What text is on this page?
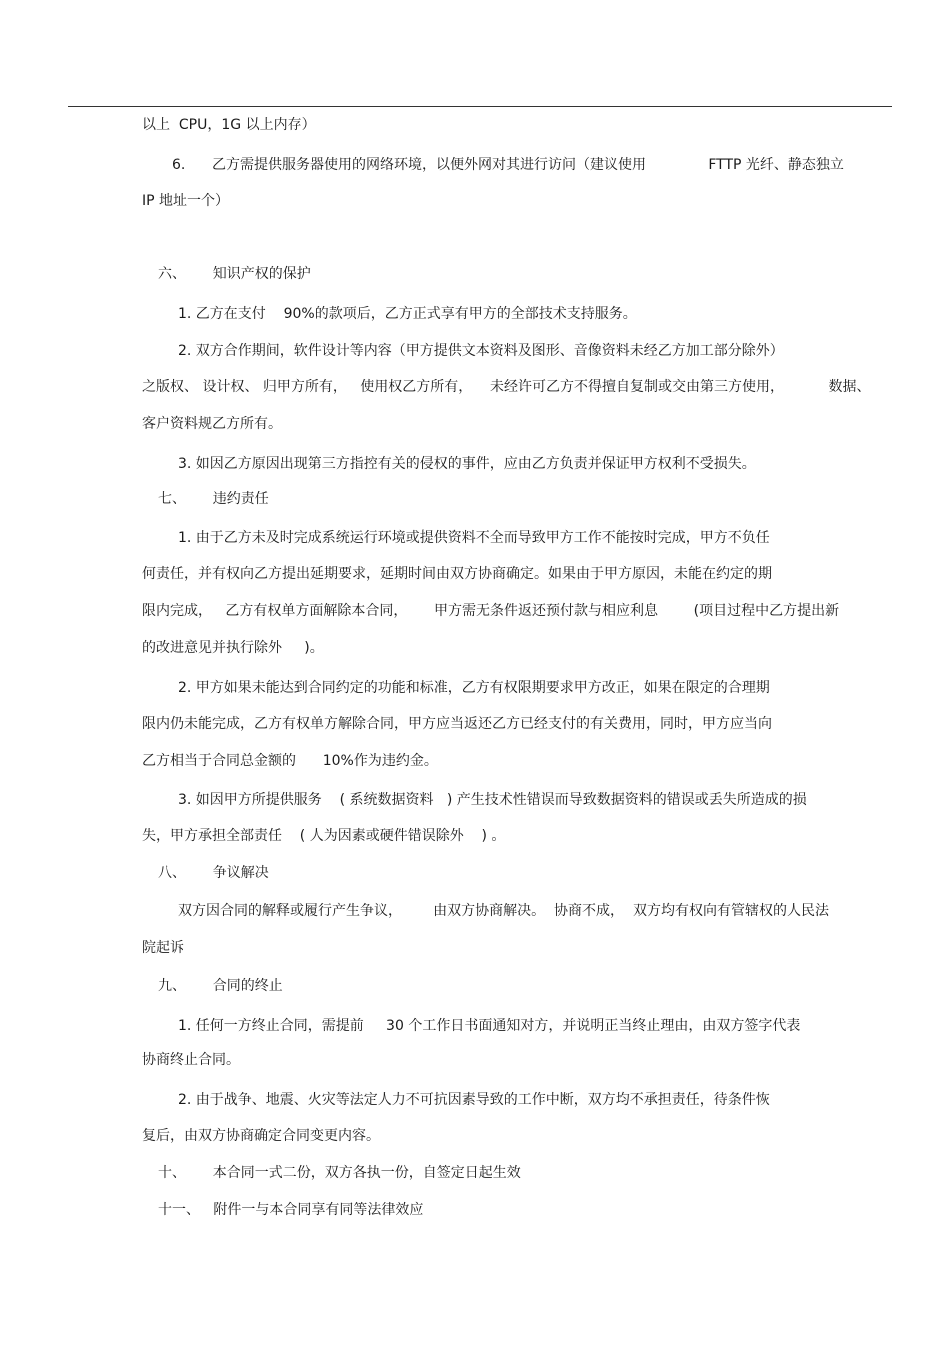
以上  CPU，1G 以上内存）
6.      乙方需提供服务器使用的网络环境，以便外网对其进行访问（建议使用              FTTP 光纤、静态独立
IP 地址一个）
六、      知识产权的保护
1. 乙方在支付    90%的款项后，乙方正式享有甲方的全部技术支持服务。
2. 双方合作期间，软件设计等内容（甲方提供文本资料及图形、音像资料未经乙方加工部分除外）
之版权、 设计权、 归甲方所有，   使用权乙方所有，    未经许可乙方不得擅自复制或交由第三方使用，          数据、
客户资料规乙方所有。
3. 如因乙方原因出现第三方指控有关的侵权的事件，应由乙方负责并保证甲方权利不受损失。
七、      违约责任
1. 由于乙方未及时完成系统运行环境或提供资料不全而导致甲方工作不能按时完成，甲方不负任
何责任，并有权向乙方提出延期要求，延期时间由双方协商确定。如果由于甲方原因，未能在约定的期
限内完成，   乙方有权单方面解除本合同，      甲方需无条件返还预付款与相应利息        (项目过程中乙方提出新
的改进意见并执行除外     )。
2. 甲方如果未能达到合同约定的功能和标准，乙方有权限期要求甲方改正，如果在限定的合理期
限内仍未能完成，乙方有权单方解除合同，甲方应当返还乙方已经支付的有关费用，同时，甲方应当向
乙方相当于合同总金额的      10%作为违约金。
3. 如因甲方所提供服务    ( 系统数据资料   ) 产生技术性错误而导致数据资料的错误或丢失所造成的损
失，甲方承担全部责任    ( 人为因素或硬件错误除外    ) 。
八、      争议解决
双方因合同的解释或履行产生争议，       由双方协商解决。  协商不成，  双方均有权向有管辖权的人民法
院起诉
九、      合同的终止
1. 任何一方终止合同，需提前     30 个工作日书面通知对方，并说明正当终止理由，由双方签字代表
协商终止合同。
2. 由于战争、地震、火灾等法定人力不可抗因素导致的工作中断，双方均不承担责任，待条件恢
复后，由双方协商确定合同变更内容。
十、      本合同一式二份，双方各执一份，自签定日起生效
十一、   附件一与本合同享有同等法律效应
